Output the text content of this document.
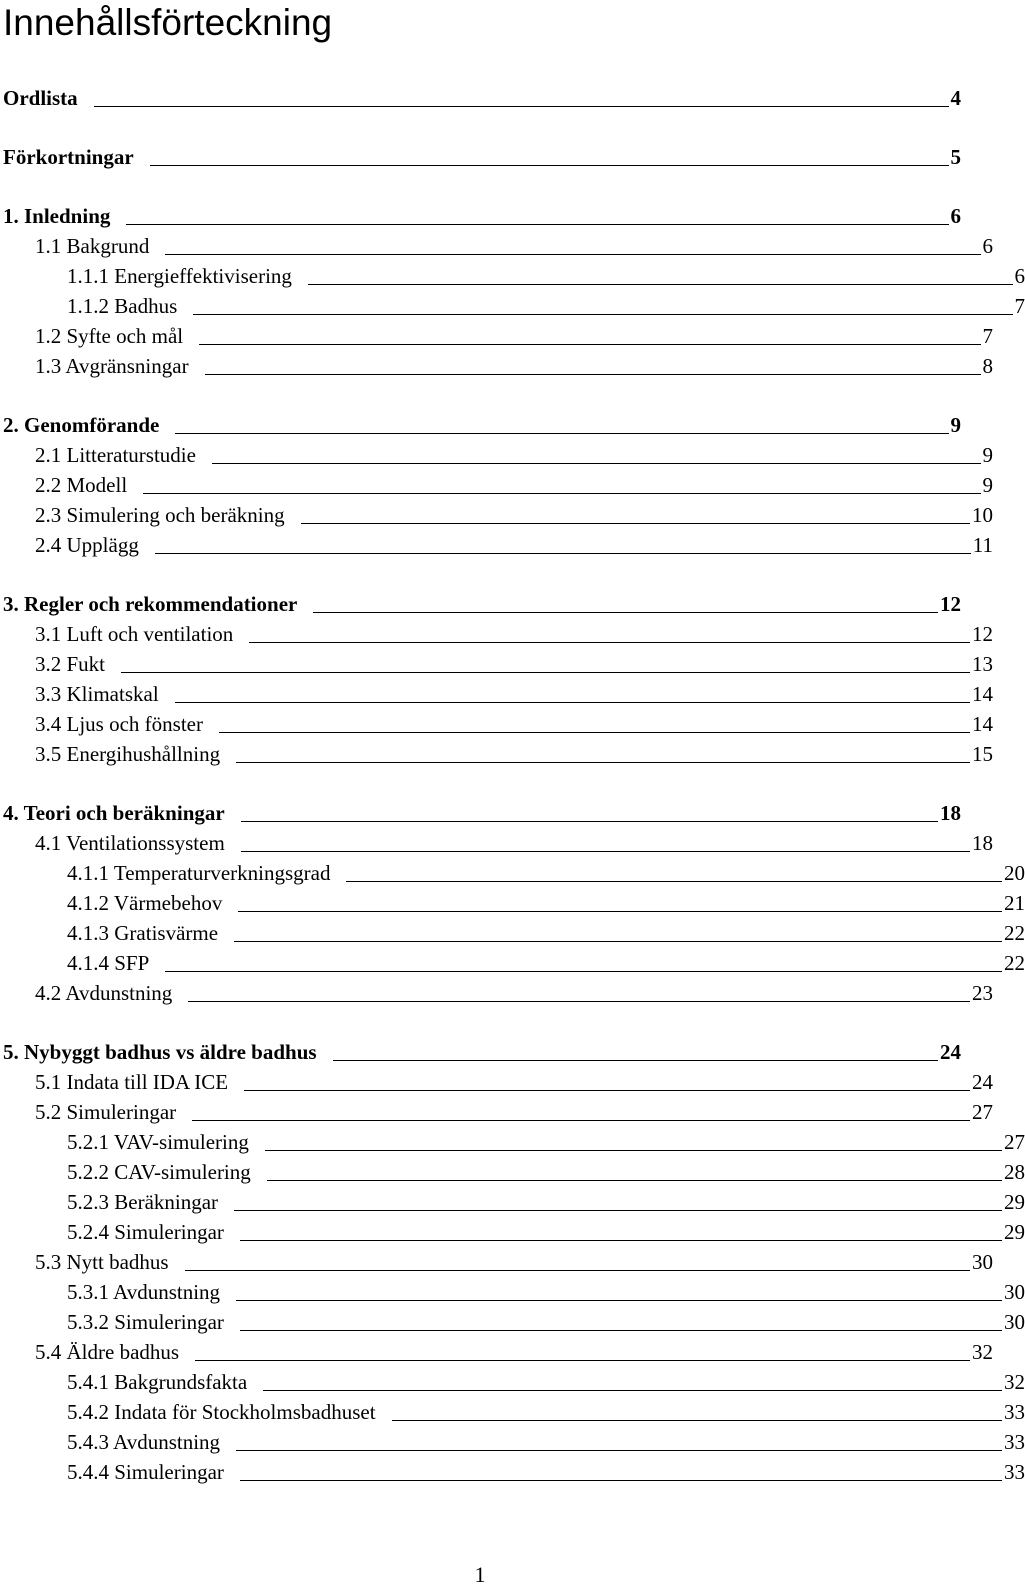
Innehållsförteckning
Ordlista	4
Förkortningar	5
1. Inledning	6
1.1 Bakgrund	6
1.1.1 Energieffektivisering	6
1.1.2 Badhus	7
1.2 Syfte och mål	7
1.3 Avgränsningar	8
2. Genomförande	9
2.1 Litteraturstudie	9
2.2 Modell	9
2.3 Simulering och beräkning	10
2.4 Upplägg	11
3. Regler och rekommendationer	12
3.1 Luft och ventilation	12
3.2 Fukt	13
3.3 Klimatskal	14
3.4 Ljus och fönster	14
3.5 Energihushållning	15
4. Teori och beräkningar	18
4.1 Ventilationssystem	18
4.1.1 Temperaturverkningsgrad	20
4.1.2 Värmebehov	21
4.1.3 Gratisvärme	22
4.1.4 SFP	22
4.2 Avdunstning	23
5. Nybyggt badhus vs äldre badhus	24
5.1 Indata till IDA ICE	24
5.2 Simuleringar	27
5.2.1 VAV-simulering	27
5.2.2 CAV-simulering	28
5.2.3 Beräkningar	29
5.2.4 Simuleringar	29
5.3 Nytt badhus	30
5.3.1 Avdunstning	30
5.3.2 Simuleringar	30
5.4 Äldre badhus	32
5.4.1 Bakgrundsfakta	32
5.4.2 Indata för Stockholmsbadhuset	33
5.4.3 Avdunstning	33
5.4.4 Simuleringar	33
1
